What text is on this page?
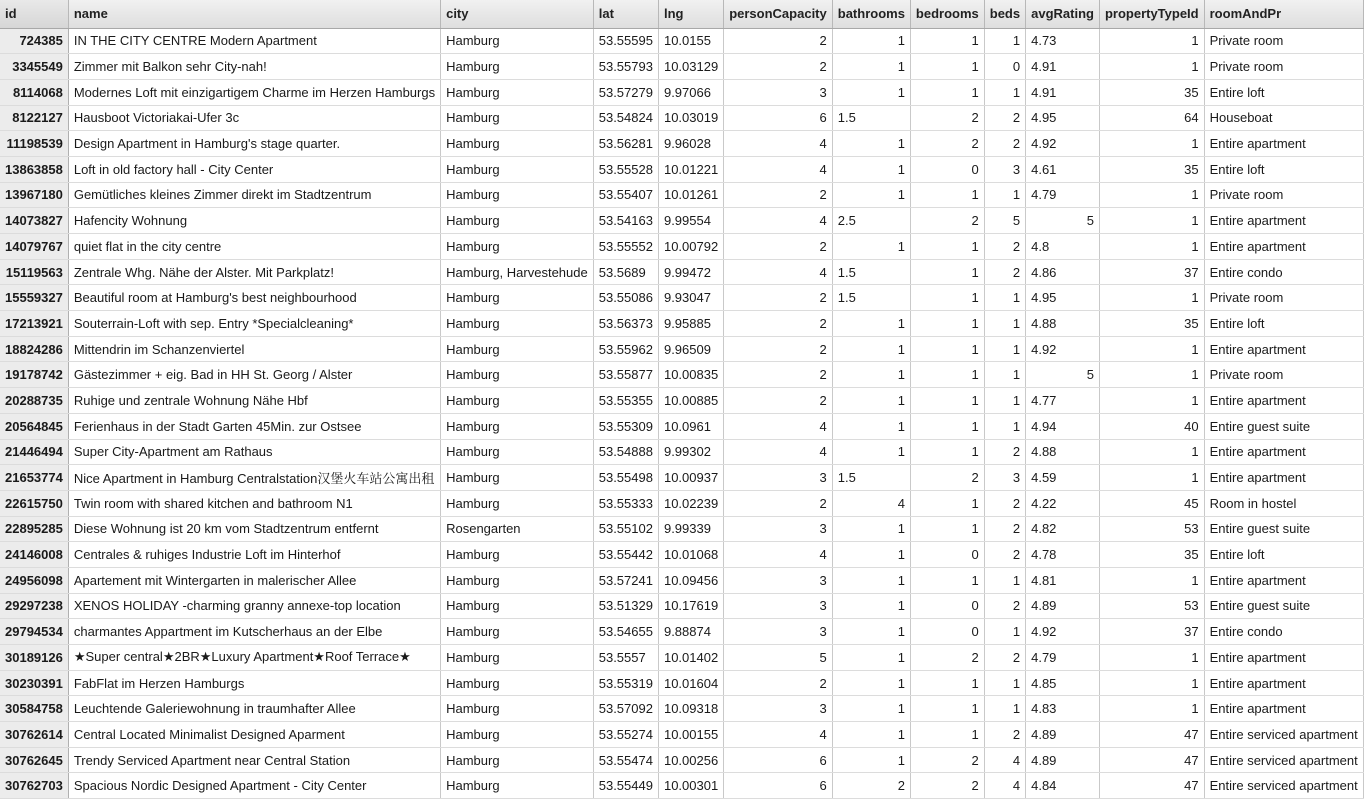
id	name	city	lat	lng	personCapacity	bathrooms	bedrooms	beds	avgRating	propertyTypeId	roomAndPr
724385	IN THE CITY CENTRE Modern Apartment	Hamburg	53.55595	10.0155	2	1	1	1	4.73	1	Private room
3345549	Zimmer mit Balkon sehr City-nah!	Hamburg	53.55793	10.03129	2	1	1	0	4.91	1	Private room
8114068	Modernes Loft mit einzigartigem Charme im Herzen Hamburgs	Hamburg	53.57279	9.97066	3	1	1	1	4.91	35	Entire loft
8122127	Hausboot Victoriakai-Ufer 3c	Hamburg	53.54824	10.03019	6	1.5	2	2	4.95	64	Houseboat
11198539	Design Apartment in Hamburg's stage quarter.	Hamburg	53.56281	9.96028	4	1	2	2	4.92	1	Entire apartment
13863858	Loft in old factory hall - City Center	Hamburg	53.55528	10.01221	4	1	0	3	4.61	35	Entire loft
13967180	Gemütliches kleines Zimmer direkt im Stadtzentrum	Hamburg	53.55407	10.01261	2	1	1	1	4.79	1	Private room
14073827	Hafencity Wohnung	Hamburg	53.54163	9.99554	4	2.5	2	5	5	1	Entire apartment
14079767	quiet flat in the city centre	Hamburg	53.55552	10.00792	2	1	1	2	4.8	1	Entire apartment
15119563	Zentrale Whg. Nähe der Alster. Mit Parkplatz!	Hamburg, Harvestehude	53.5689	9.99472	4	1.5	1	2	4.86	37	Entire condo
15559327	Beautiful room at Hamburg's best neighbourhood	Hamburg	53.55086	9.93047	2	1.5	1	1	4.95	1	Private room
17213921	Souterrain-Loft with sep. Entry *Specialcleaning*	Hamburg	53.56373	9.95885	2	1	1	1	4.88	35	Entire loft
18824286	Mittendrin im Schanzenviertel	Hamburg	53.55962	9.96509	2	1	1	1	4.92	1	Entire apartment
19178742	Gästezimmer + eig. Bad in HH St. Georg / Alster	Hamburg	53.55877	10.00835	2	1	1	1	5	1	Private room
20288735	Ruhige und zentrale Wohnung Nähe Hbf	Hamburg	53.55355	10.00885	2	1	1	1	4.77	1	Entire apartment
20564845	Ferienhaus in der Stadt Garten 45Min. zur Ostsee	Hamburg	53.55309	10.0961	4	1	1	1	4.94	40	Entire guest suite
21446494	Super City-Apartment am Rathaus	Hamburg	53.54888	9.99302	4	1	1	2	4.88	1	Entire apartment
21653774	Nice Apartment in Hamburg Centralstation汉堡火车站公寓出租	Hamburg	53.55498	10.00937	3	1.5	2	3	4.59	1	Entire apartment
22615750	Twin room with shared kitchen and bathroom N1	Hamburg	53.55333	10.02239	2	4	1	2	4.22	45	Room in hostel
22895285	Diese Wohnung ist 20 km vom Stadtzentrum entfernt	Rosengarten	53.55102	9.99339	3	1	1	2	4.82	53	Entire guest suite
24146008	Centrales & ruhiges Industrie Loft im Hinterhof	Hamburg	53.55442	10.01068	4	1	0	2	4.78	35	Entire loft
24956098	Apartement mit Wintergarten in malerischer Allee	Hamburg	53.57241	10.09456	3	1	1	1	4.81	1	Entire apartment
29297238	XENOS HOLIDAY -charming granny annexe-top location	Hamburg	53.51329	10.17619	3	1	0	2	4.89	53	Entire guest suite
29794534	charmantes Appartment im Kutscherhaus an der Elbe	Hamburg	53.54655	9.88874	3	1	0	1	4.92	37	Entire condo
30189126	★Super central★2BR★Luxury Apartment★Roof Terrace★	Hamburg	53.5557	10.01402	5	1	2	2	4.79	1	Entire apartment
30230391	FabFlat im Herzen Hamburgs	Hamburg	53.55319	10.01604	2	1	1	1	4.85	1	Entire apartment
30584758	Leuchtende Galeriewohnung in traumhafter Allee	Hamburg	53.57092	10.09318	3	1	1	1	4.83	1	Entire apartment
30762614	Central Located Minimalist Designed Aparment	Hamburg	53.55274	10.00155	4	1	1	2	4.89	47	Entire serviced apartment
30762645	Trendy Serviced Apartment near Central Station	Hamburg	53.55474	10.00256	6	1	2	4	4.89	47	Entire serviced apartment
30762703	Spacious Nordic Designed Apartment - City Center	Hamburg	53.55449	10.00301	6	2	2	4	4.84	47	Entire serviced apartment
